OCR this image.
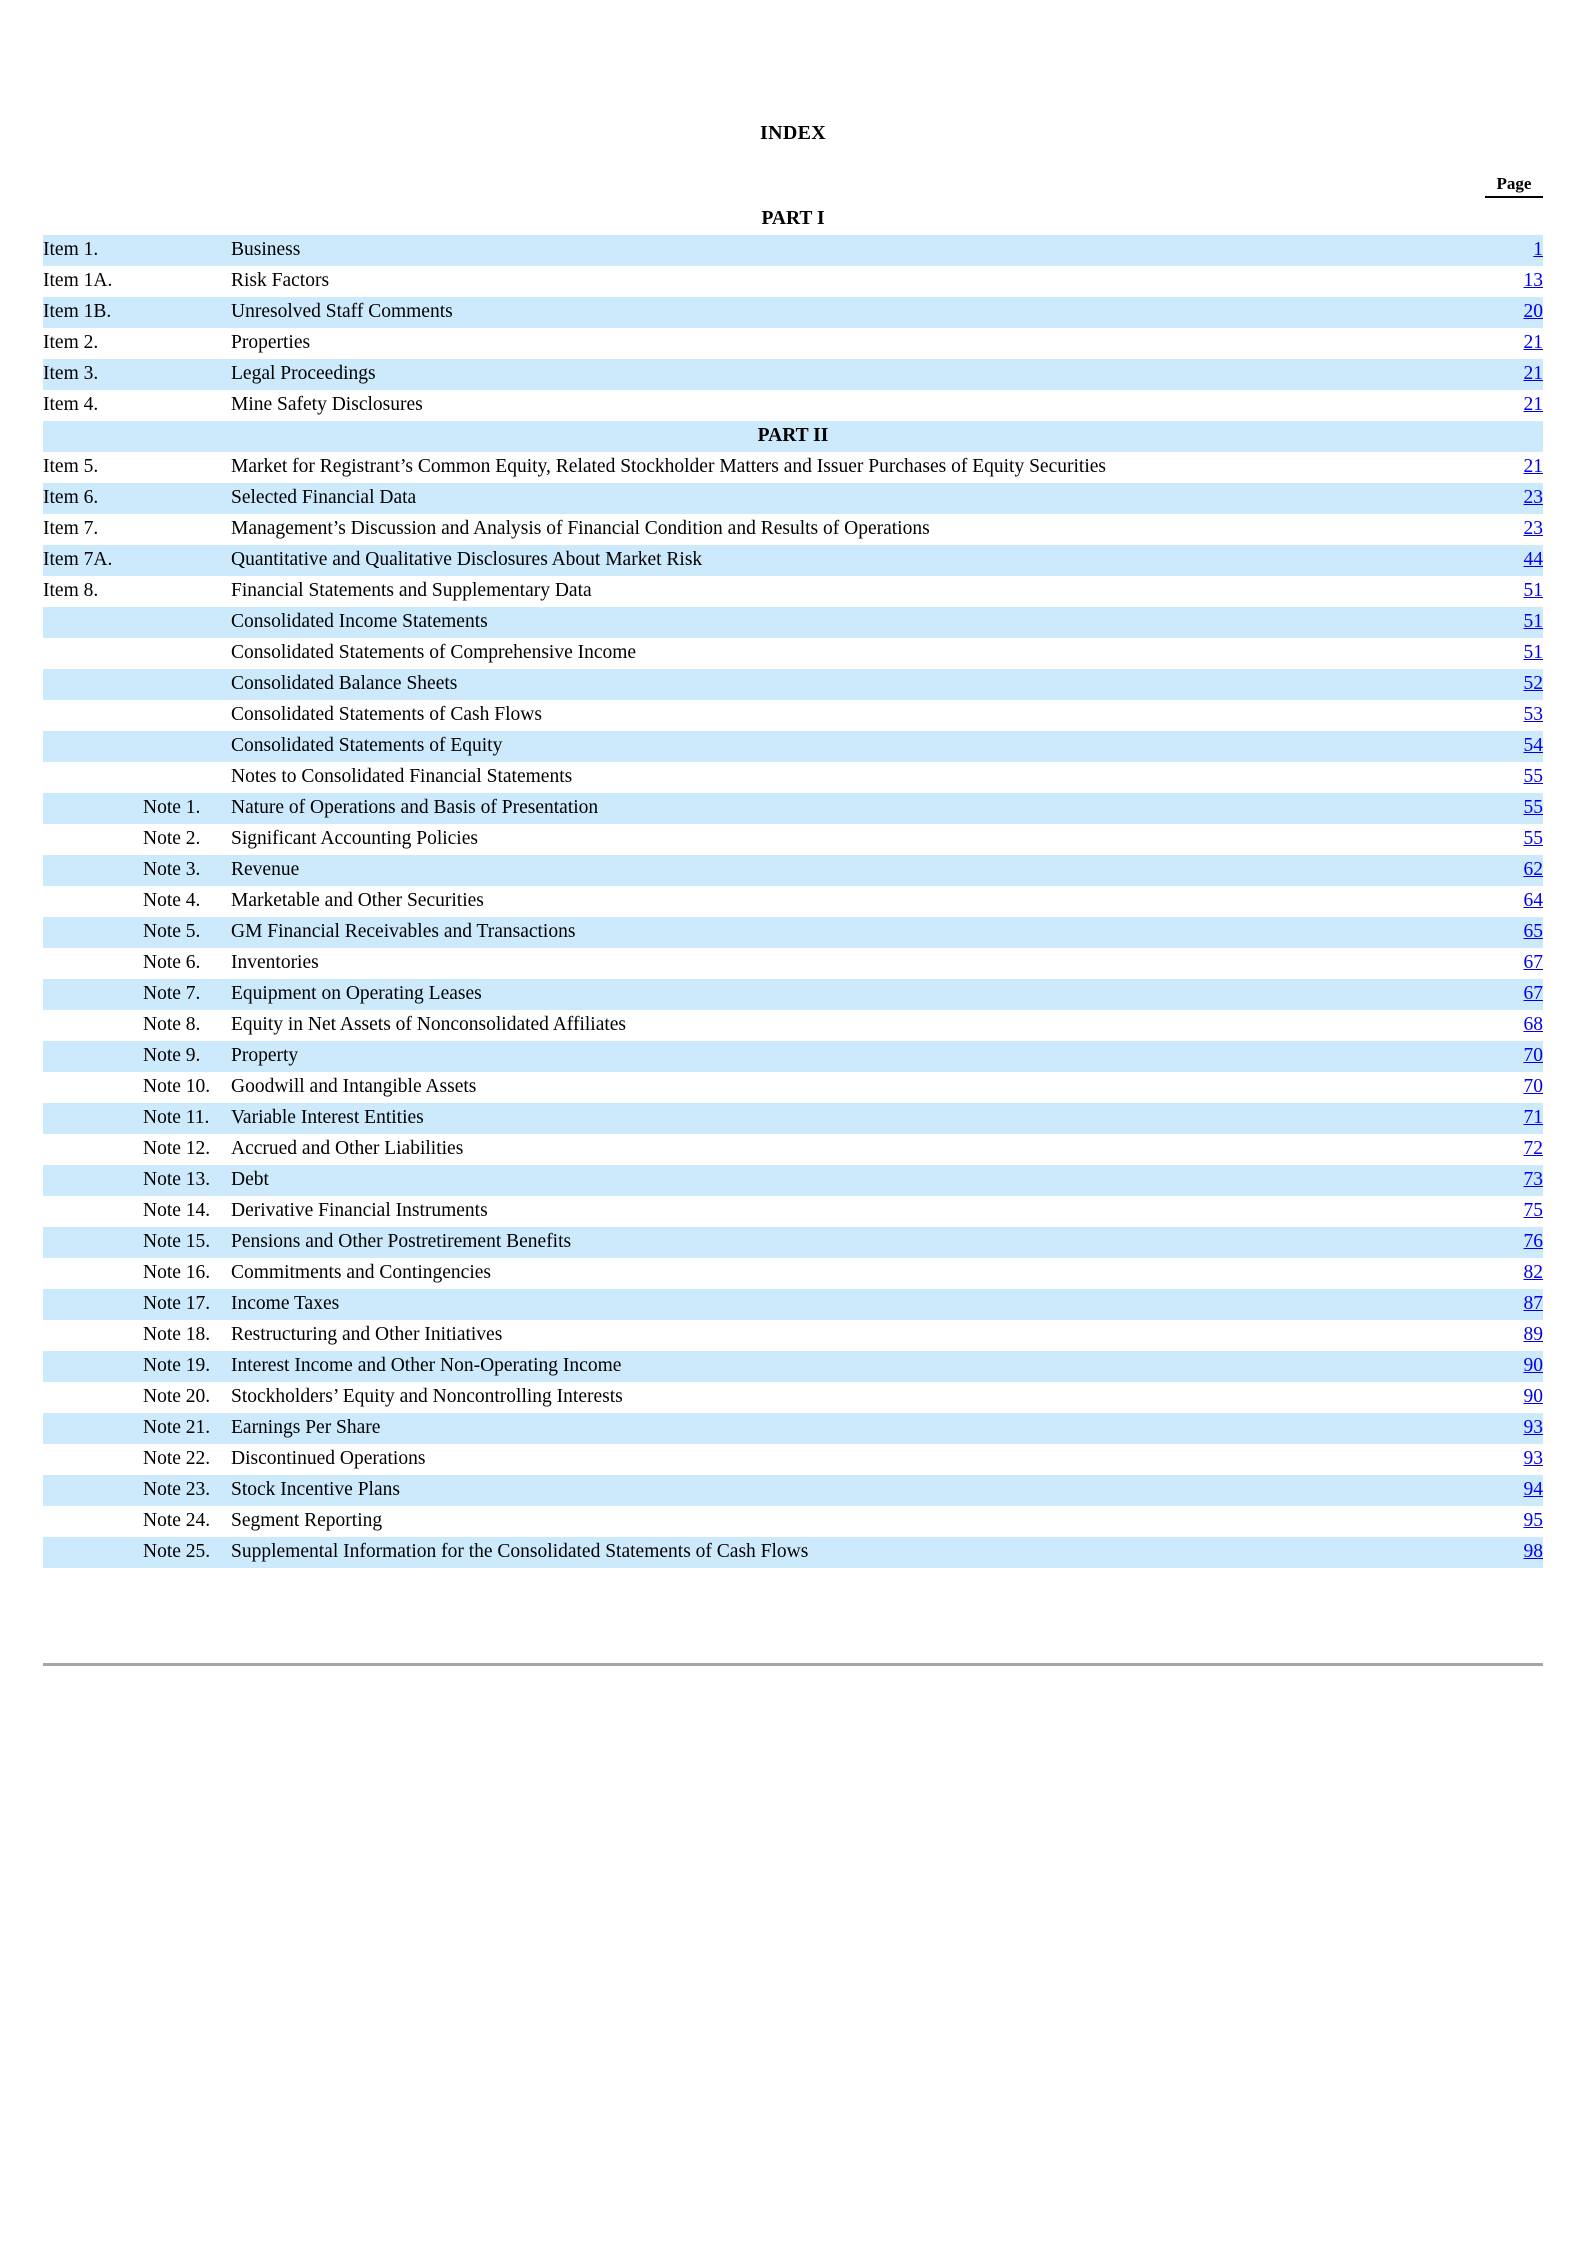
INDEX
Page
PART I			
Item 1.		Business	1
Item 1A.		Risk Factors	13
Item 1B.		Unresolved Staff Comments	20
Item 2.		Properties	21
Item 3.		Legal Proceedings	21
Item 4.		Mine Safety Disclosures	21
PART II			
Item 5.		Market for Registrant’s Common Equity, Related Stockholder Matters and Issuer Purchases of Equity Securities	21
Item 6.		Selected Financial Data	23
Item 7.		Management’s Discussion and Analysis of Financial Condition and Results of Operations	23
Item 7A.		Quantitative and Qualitative Disclosures About Market Risk	44
Item 8.		Financial Statements and Supplementary Data	51
		Consolidated Income Statements	51
		Consolidated Statements of Comprehensive Income	51
		Consolidated Balance Sheets	52
		Consolidated Statements of Cash Flows	53
		Consolidated Statements of Equity	54
		Notes to Consolidated Financial Statements	55
	Note 1.	Nature of Operations and Basis of Presentation	55
	Note 2.	Significant Accounting Policies	55
	Note 3.	Revenue	62
	Note 4.	Marketable and Other Securities	64
	Note 5.	GM Financial Receivables and Transactions	65
	Note 6.	Inventories	67
	Note 7.	Equipment on Operating Leases	67
	Note 8.	Equity in Net Assets of Nonconsolidated Affiliates	68
	Note 9.	Property	70
	Note 10.	Goodwill and Intangible Assets	70
	Note 11.	Variable Interest Entities	71
	Note 12.	Accrued and Other Liabilities	72
	Note 13.	Debt	73
	Note 14.	Derivative Financial Instruments	75
	Note 15.	Pensions and Other Postretirement Benefits	76
	Note 16.	Commitments and Contingencies	82
	Note 17.	Income Taxes	87
	Note 18.	Restructuring and Other Initiatives	89
	Note 19.	Interest Income and Other Non-Operating Income	90
	Note 20.	Stockholders’ Equity and Noncontrolling Interests	90
	Note 21.	Earnings Per Share	93
	Note 22.	Discontinued Operations	93
	Note 23.	Stock Incentive Plans	94
	Note 24.	Segment Reporting	95
	Note 25.	Supplemental Information for the Consolidated Statements of Cash Flows	98
